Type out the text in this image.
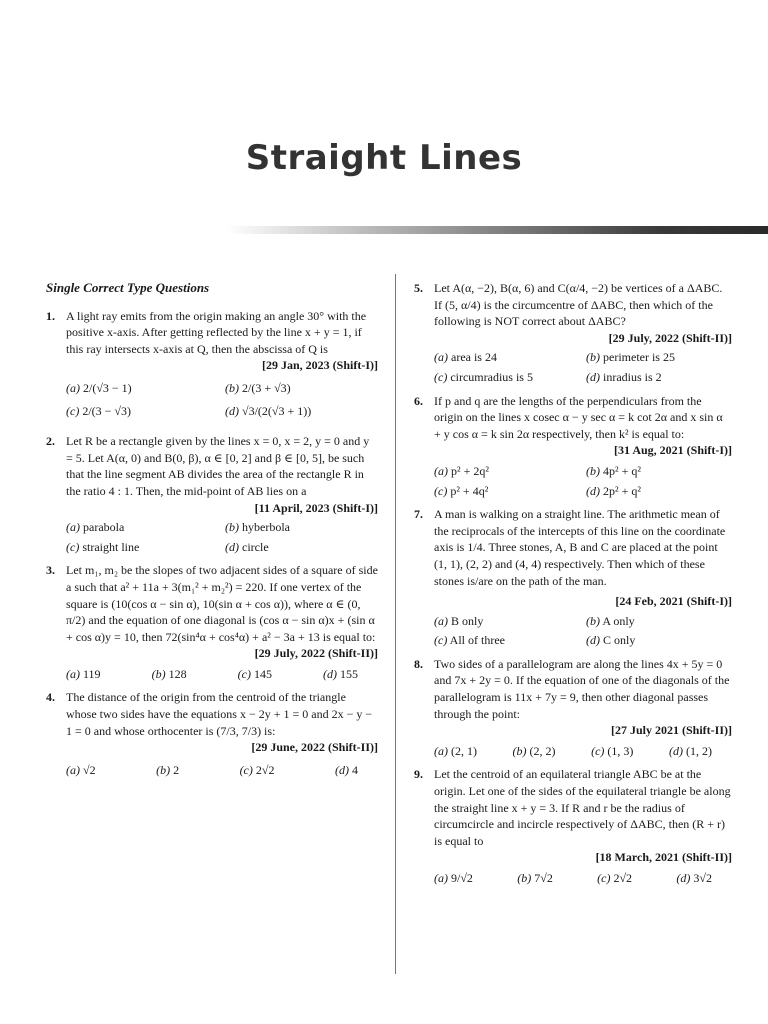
Straight Lines
Single Correct Type Questions
1. A light ray emits from the origin making an angle 30° with the positive x-axis. After getting reflected by the line x + y = 1, if this ray intersects x-axis at Q, then the abscissa of Q is
[29 Jan, 2023 (Shift-I)]
(a) 2/(√3 − 1)	(b) 2/(3 + √3)
(c) 2/(3 − √3)	(d) √3/(2(√3 + 1))
2. Let R be a rectangle given by the lines x = 0, x = 2, y = 0 and y = 5. Let A(α, 0) and B(0, β), α ∈ [0, 2] and β ∈ [0, 5], be such that the line segment AB divides the area of the rectangle R in the ratio 4 : 1. Then, the mid-point of AB lies on a
[11 April, 2023 (Shift-I)]
(a) parabola	(b) hyberbola
(c) straight line	(d) circle
3. Let m₁, m₂ be the slopes of two adjacent sides of a square of side a such that a² + 11a + 3(m₁² + m₂²) = 220. If one vertex of the square is (10(cos α − sin α), 10(sin α + cos α)), where α ∈ (0, π/2) and the equation of one diagonal is (cos α − sin α)x + (sin α + cos α)y = 10, then 72(sin⁴α + cos⁴α) + a² − 3a + 13 is equal to:
[29 July, 2022 (Shift-II)]
(a) 119	(b) 128	(c) 145	(d) 155
4. The distance of the origin from the centroid of the triangle whose two sides have the equations x − 2y + 1 = 0 and 2x − y − 1 = 0 and whose orthocenter is (7/3, 7/3) is:
[29 June, 2022 (Shift-II)]
(a) √2	(b) 2	(c) 2√2	(d) 4
5. Let A(α, −2), B(α, 6) and C(α/4, −2) be vertices of a ΔABC. If (5, α/4) is the circumcentre of ΔABC, then which of the following is NOT correct about ΔABC?
[29 July, 2022 (Shift-II)]
(a) area is 24	(b) perimeter is 25
(c) circumradius is 5	(d) inradius is 2
6. If p and q are the lengths of the perpendiculars from the origin on the lines x cosec α − y sec α = k cot 2α and x sin α + y cos α = k sin 2α respectively, then k² is equal to:
[31 Aug, 2021 (Shift-I)]
(a) p² + 2q²	(b) 4p² + q²
(c) p² + 4q²	(d) 2p² + q²
7. A man is walking on a straight line. The arithmetic mean of the reciprocals of the intercepts of this line on the coordinate axis is 1/4. Three stones, A, B and C are placed at the point (1, 1), (2, 2) and (4, 4) respectively. Then which of these stones is/are on the path of the man.
[24 Feb, 2021 (Shift-I)]
(a) B only	(b) A only
(c) All of three	(d) C only
8. Two sides of a parallelogram are along the lines 4x + 5y = 0 and 7x + 2y = 0. If the equation of one of the diagonals of the parallelogram is 11x + 7y = 9, then other diagonal passes through the point:
[27 July 2021 (Shift-II)]
(a) (2, 1)	(b) (2, 2)	(c) (1, 3)	(d) (1, 2)
9. Let the centroid of an equilateral triangle ABC be at the origin. Let one of the sides of the equilateral triangle be along the straight line x + y = 3. If R and r be the radius of circumcircle and incircle respectively of ΔABC, then (R + r) is equal to
[18 March, 2021 (Shift-II)]
(a) 9/√2	(b) 7√2	(c) 2√2	(d) 3√2
